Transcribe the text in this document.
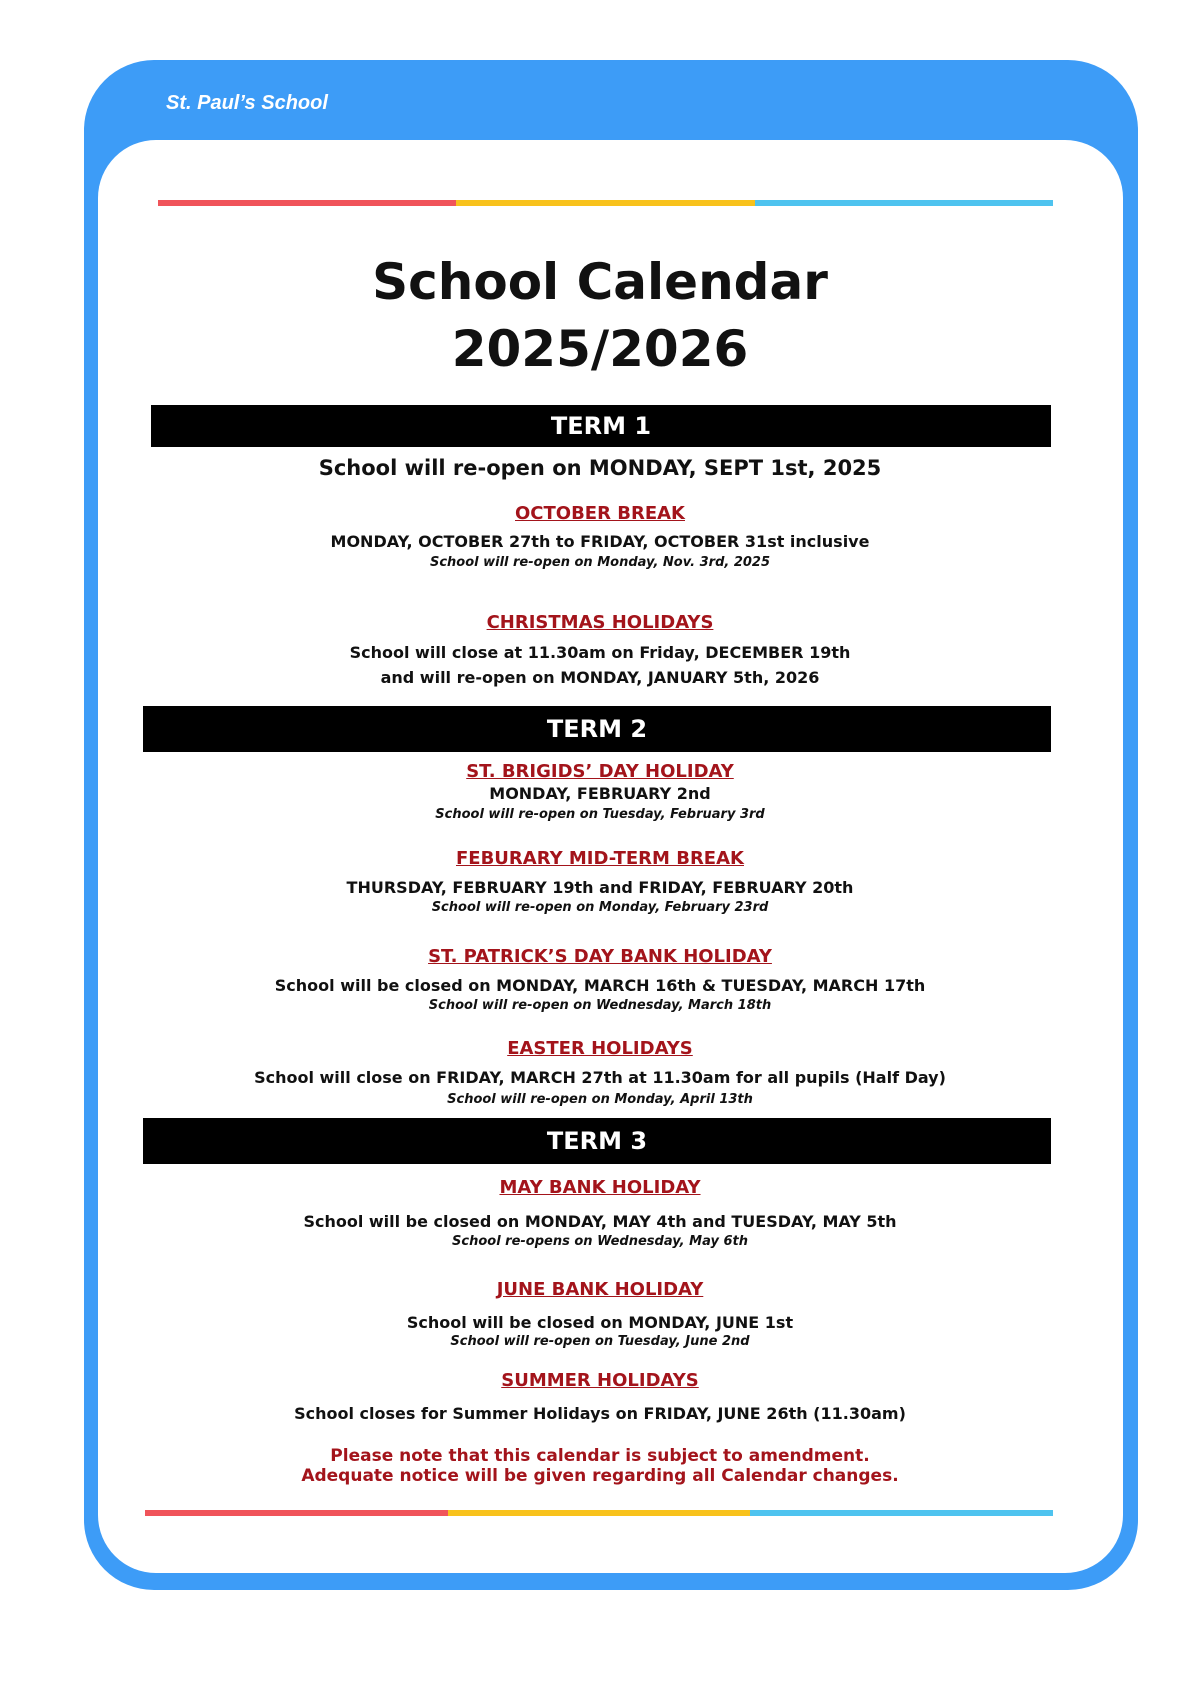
St. Paul’s School
School Calendar
2025/2026
TERM 1
School will re-open on MONDAY, SEPT 1st, 2025
OCTOBER BREAK
MONDAY, OCTOBER 27th to FRIDAY, OCTOBER 31st inclusive
School will re-open on Monday, Nov. 3rd, 2025
CHRISTMAS HOLIDAYS
School will close at 11.30am on Friday, DECEMBER 19th
and will re-open on MONDAY, JANUARY 5th, 2026
TERM 2
ST. BRIGIDS’ DAY HOLIDAY
MONDAY, FEBRUARY 2nd
School will re-open on Tuesday, February 3rd
FEBURARY MID-TERM BREAK
THURSDAY, FEBRUARY 19th and FRIDAY, FEBRUARY 20th
School will re-open on Monday, February 23rd
ST. PATRICK’S DAY BANK HOLIDAY
School will be closed on MONDAY, MARCH 16th & TUESDAY, MARCH 17th
School will re-open on Wednesday, March 18th
EASTER HOLIDAYS
School will close on FRIDAY, MARCH 27th at 11.30am for all pupils (Half Day)
School will re-open on Monday, April 13th
TERM 3
MAY BANK HOLIDAY
School will be closed on MONDAY, MAY 4th and TUESDAY, MAY 5th
School re-opens on Wednesday, May 6th
JUNE BANK HOLIDAY
School will be closed on MONDAY, JUNE 1st
School will re-open on Tuesday, June 2nd
SUMMER HOLIDAYS
School closes for Summer Holidays on FRIDAY, JUNE 26th (11.30am)
Please note that this calendar is subject to amendment.
Adequate notice will be given regarding all Calendar changes.
